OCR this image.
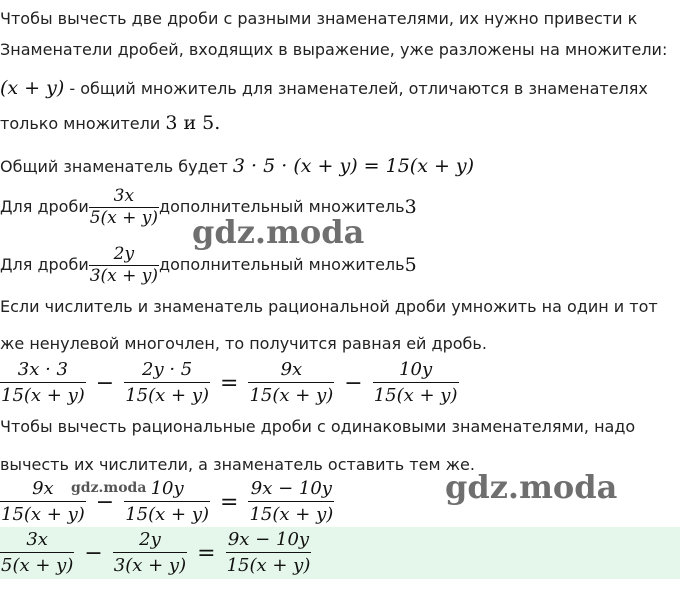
Чтобы вычесть две дроби с разными знаменателями, их нужно привести к
Знаменатели дробей, входящих в выражение, уже разложены на множители:
(x + y) - общий множитель для знаменателей, отличаются в знаменателях
только множители 3 и 5.
Общий знаменатель будет 3 · 5 · (x + y) = 15(x + y)
Для дроби $\frac{3x}{5(x + y)}$ дополнительный множитель 3
Для дроби $\frac{2y}{3(x + y)}$ дополнительный множитель 5
Если числитель и знаменатель рациональной дроби умножить на один и тот
же ненулевой многочлен, то получится равная ей дробь.
$\frac{3x \cdot 3}{15(x + y)} - \frac{2y \cdot 5}{15(x + y)} = \frac{9x}{15(x + y)} - \frac{10y}{15(x + y)}$
Чтобы вычесть рациональные дроби с одинаковыми знаменателями, надо
вычесть их числители, а знаменатель оставить тем же.
$\frac{9x}{15(x + y)} - \frac{10y}{15(x + y)} = \frac{9x - 10y}{15(x + y)}$
$\frac{3x}{5(x + y)} - \frac{2y}{3(x + y)} = \frac{9x - 10y}{15(x + y)}$
gdz.moda
gdz.moda	gdz.moda
